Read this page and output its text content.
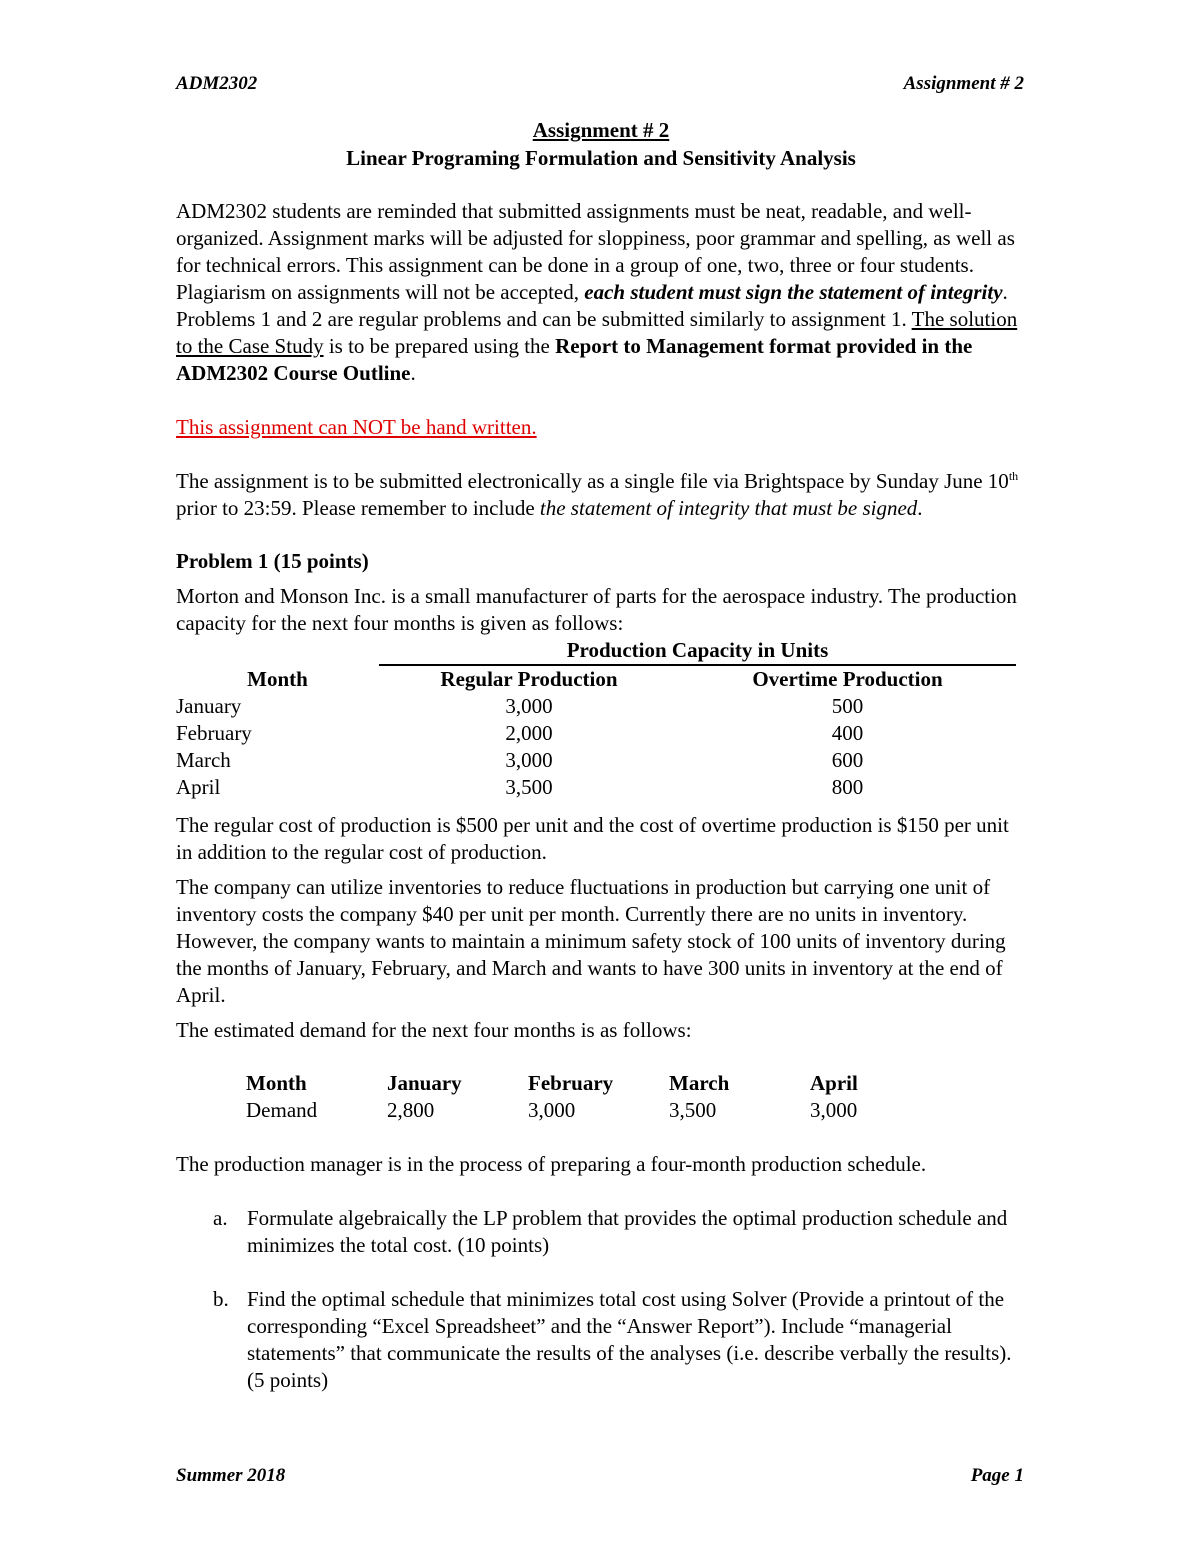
ADM2302	Assignment # 2

Assignment # 2

Linear Programing Formulation and Sensitivity Analysis

ADM2302 students are reminded that submitted assignments must be neat, readable, and well-organized. Assignment marks will be adjusted for sloppiness, poor grammar and spelling, as well as for technical errors. This assignment can be done in a group of one, two, three or four students. Plagiarism on assignments will not be accepted, each student must sign the statement of integrity. Problems 1 and 2 are regular problems and can be submitted similarly to assignment 1. The solution to the Case Study is to be prepared using the Report to Management format provided in the ADM2302 Course Outline.

This assignment can NOT be hand written.

The assignment is to be submitted electronically as a single file via Brightspace by Sunday June 10th prior to 23:59. Please remember to include the statement of integrity that must be signed.

Problem 1 (15 points)

Morton and Monson Inc. is a small manufacturer of parts for the aerospace industry. The production capacity for the next four months is given as follows:

	Production Capacity in Units	
Month	Regular Production	Overtime Production
January	3,000	500
February	2,000	400
March	3,000	600
April	3,500	800

The regular cost of production is $500 per unit and the cost of overtime production is $150 per unit in addition to the regular cost of production.

The company can utilize inventories to reduce fluctuations in production but carrying one unit of inventory costs the company $40 per unit per month. Currently there are no units in inventory. However, the company wants to maintain a minimum safety stock of 100 units of inventory during the months of January, February, and March and wants to have 300 units in inventory at the end of April.

The estimated demand for the next four months is as follows:

Month	January	February	March	April
Demand	2,800	3,000	3,500	3,000

The production manager is in the process of preparing a four-month production schedule.

a. Formulate algebraically the LP problem that provides the optimal production schedule and minimizes the total cost. (10 points)
b. Find the optimal schedule that minimizes total cost using Solver (Provide a printout of the corresponding “Excel Spreadsheet” and the “Answer Report”). Include “managerial statements” that communicate the results of the analyses (i.e. describe verbally the results). (5 points)
Summer 2018	Page 1
